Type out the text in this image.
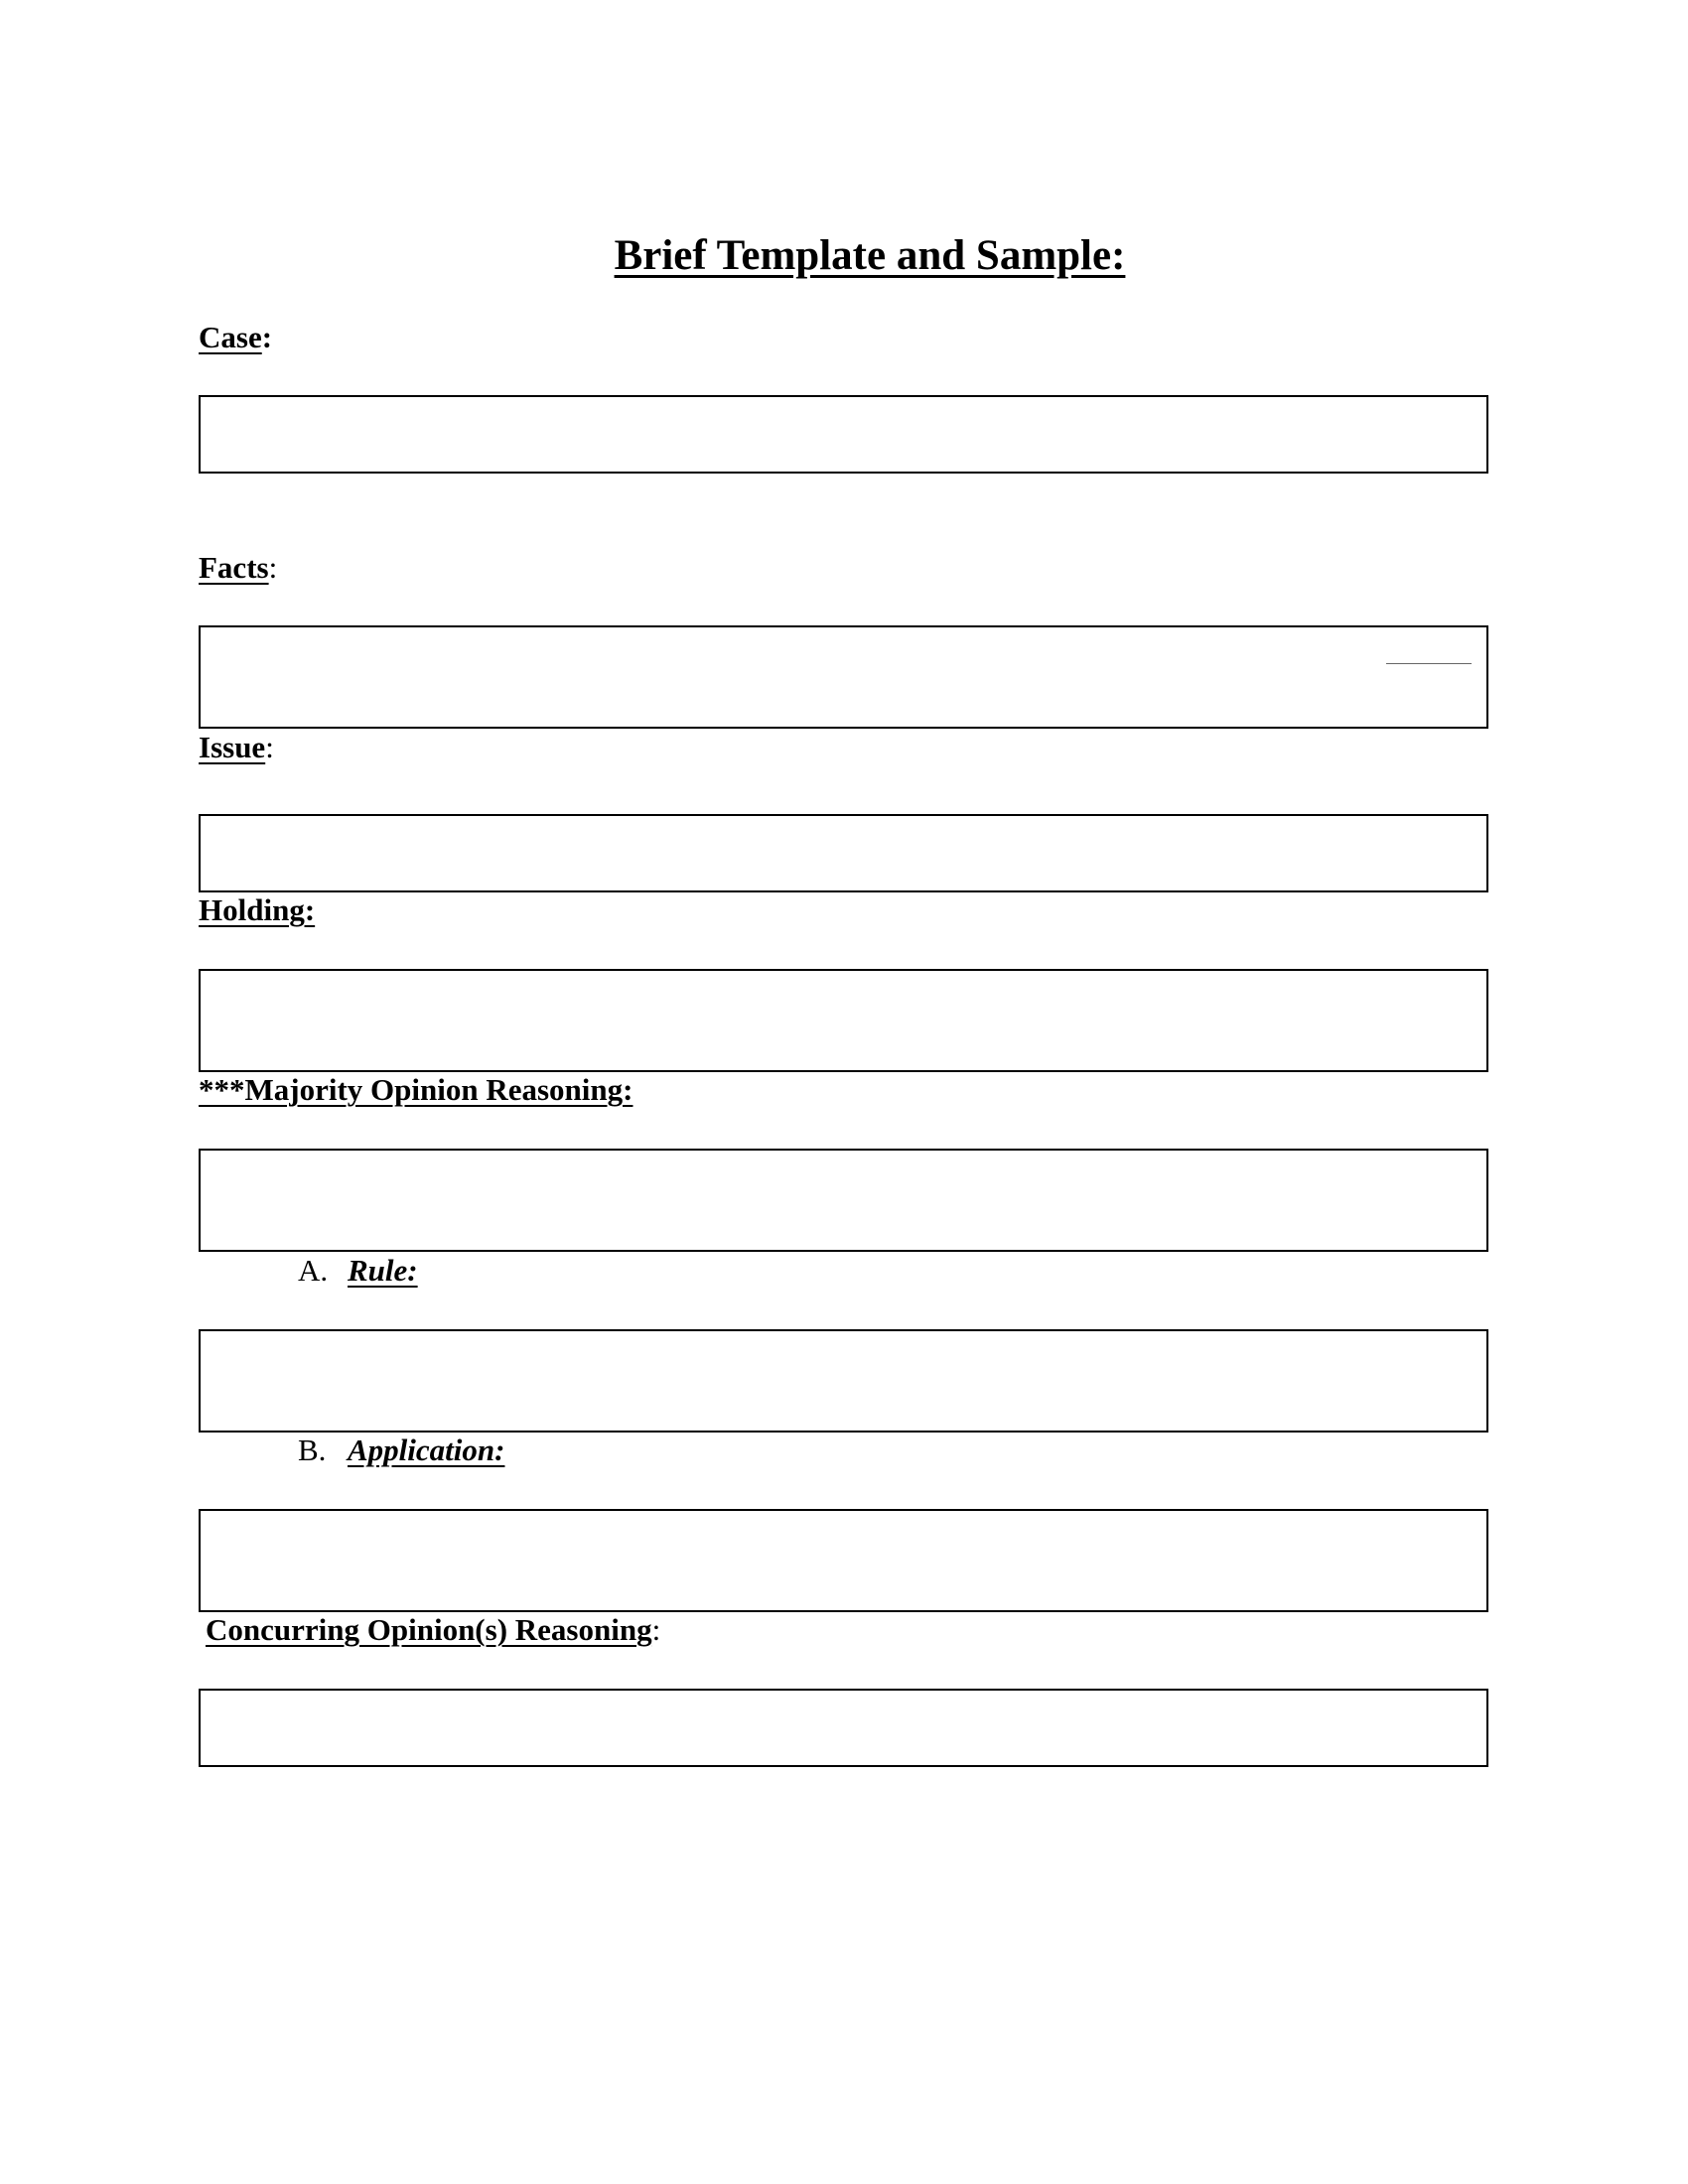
Brief Template and Sample:
Case:
Facts:
Issue:
Holding:
***Majority Opinion Reasoning:
A. Rule:
B. Application:
Concurring Opinion(s) Reasoning:
